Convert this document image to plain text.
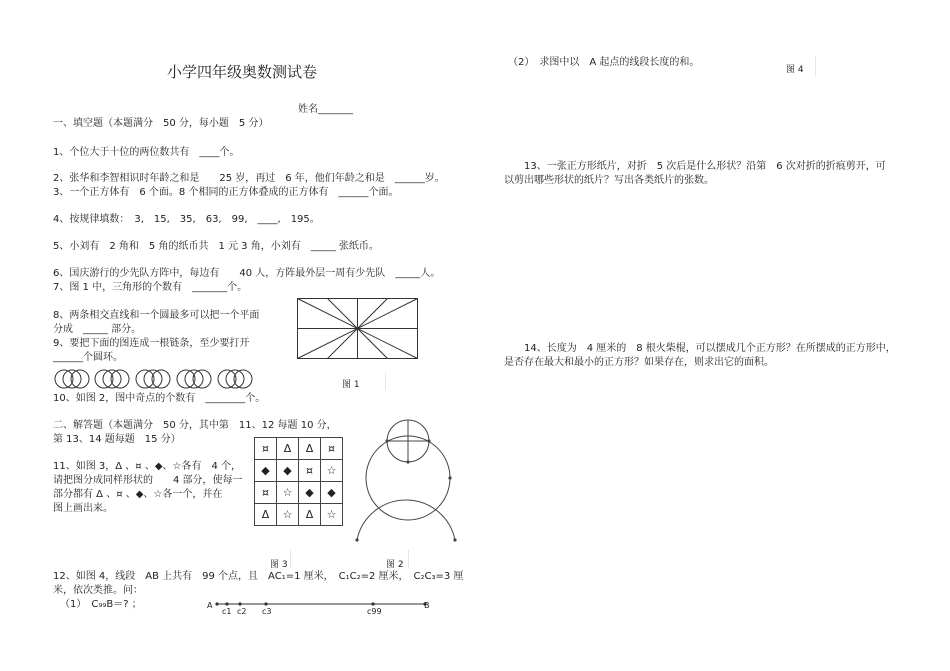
小学四年级奥数测试卷
姓名_______
一、填空题（本题满分　50 分，每小题　5 分）
1、个位大于十位的两位数共有　____个。
2、张华和李智相识时年龄之和是　　25 岁，再过　6 年，他们年龄之和是　______岁。
3、一个正方体有　6 个面。8 个相同的正方体叠成的正方体有　______个面。
4、按规律填数：　3,　15,　35,　63,　99,　____,　195。
5、小刘有　2 角和　5 角的纸币共　1 元 3 角，小刘有　_____ 张纸币。
6、国庆游行的少先队方阵中，每边有　　40 人，方阵最外层一周有少先队　_____人。
7、图 1 中，三角形的个数有　_______个。
8、两条相交直线和一个圆最多可以把一个平面
分成　_____ 部分。
9、要把下面的图连成一根链条，至少要打开
______个圆环。
图 1
10、如图 2，图中奇点的个数有　________个。
二、解答题（本题满分　50 分，其中第　11、12 每题 10 分，
第 13、14 题每题　15 分）
11、如图 3，Δ 、¤ 、◆、☆各有　4 个，
请把图分成同样形状的　　4 部分，使每一
部分都有 Δ 、¤ 、◆、☆各一个，并在
图上画出来。
¤	Δ	Δ	¤
◆	◆	¤	☆
¤	☆	◆	◆
Δ	☆	Δ	☆
图 3	图 2
12、如图 4，线段　AB 上共有　99 个点，且　AC₁=1 厘米，　C₁C₂=2 厘米，　C₂C₃=3 厘
米，依次类推。问：
（1）　C₉₉B＝? ；	A
c1 c2 c3	c99
B
（2）　求图中以　A 起点的线段长度的和。
图 4
13、一张正方形纸片，对折　5 次后是什么形状？沿第　6 次对折的折痕剪开，可
以剪出哪些形状的纸片？写出各类纸片的张数。
14、长度为　4 厘米的　8 根火柴棍，可以摆成几个正方形？在所摆成的正方形中，
是否存在最大和最小的正方形？如果存在，则求出它的面积。
